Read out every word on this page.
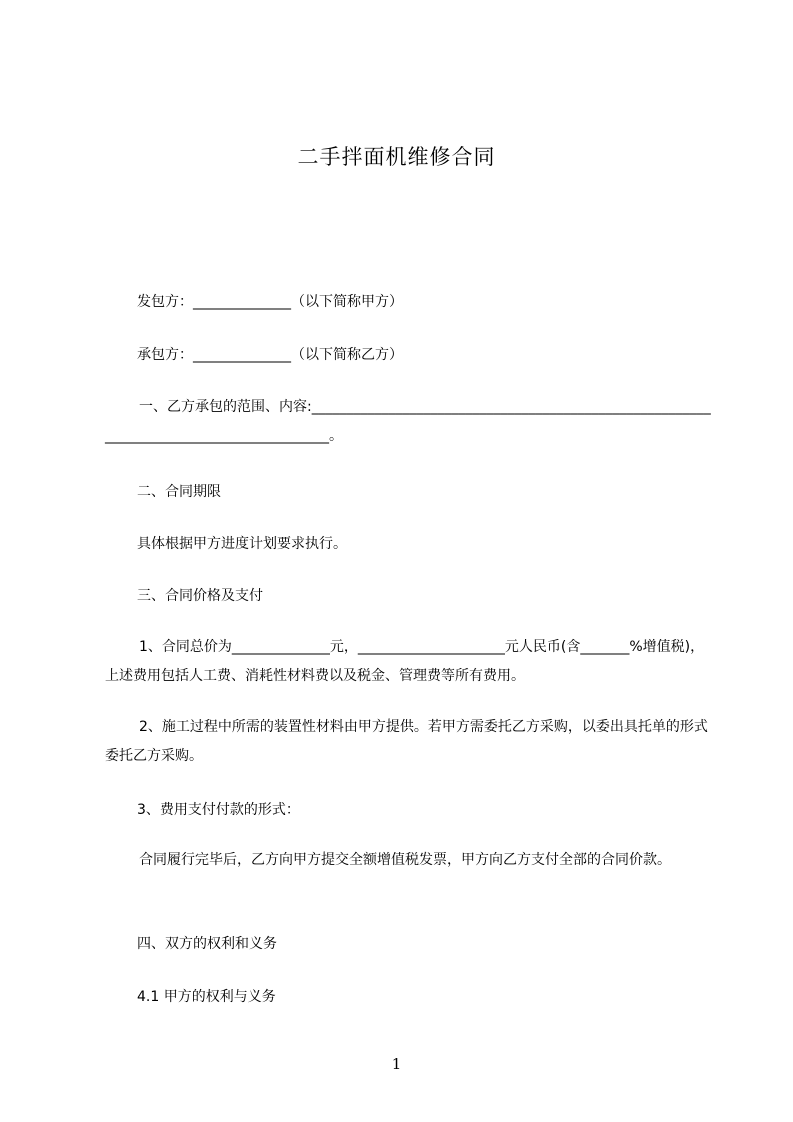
二手拌面机维修合同
发包方：______________（以下简称甲方）
承包方：______________（以下简称乙方）
一、乙方承包的范围、内容:_________________________________________________________________________________________。
二、合同期限
具体根据甲方进度计划要求执行。
三、合同价格及支付
1、合同总价为______________元，_____________________元人民币(含_______%增值税)，上述费用包括人工费、消耗性材料费以及税金、管理费等所有费用。
2、施工过程中所需的装置性材料由甲方提供。若甲方需委托乙方采购，以委出具托单的形式委托乙方采购。
3、费用支付付款的形式：
合同履行完毕后，乙方向甲方提交全额增值税发票，甲方向乙方支付全部的合同价款。
四、双方的权利和义务
4.1 甲方的权利与义务
1
